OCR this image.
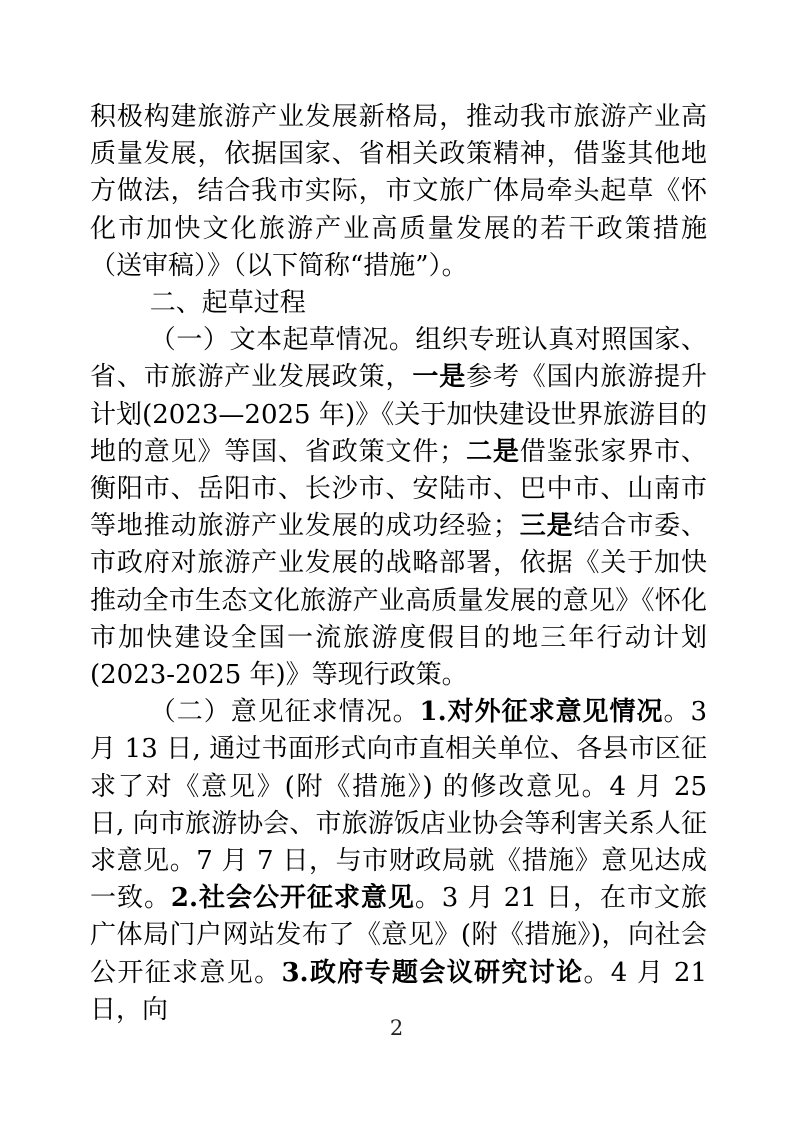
积极构建旅游产业发展新格局，推动我市旅游产业高质量发展，依据国家、省相关政策精神，借鉴其他地方做法，结合我市实际，市文旅广体局牵头起草《怀化市加快文化旅游产业高质量发展的若干政策措施（送审稿）》（以下简称“措施”）。

二、起草过程

（一）文本起草情况。组织专班认真对照国家、省、市旅游产业发展政策，一是参考《国内旅游提升计划(2023—2025 年)》《关于加快建设世界旅游目的地的意见》等国、省政策文件；二是借鉴张家界市、衡阳市、岳阳市、长沙市、安陆市、巴中市、山南市等地推动旅游产业发展的成功经验；三是结合市委、市政府对旅游产业发展的战略部署，依据《关于加快推动全市生态文化旅游产业高质量发展的意见》《怀化市加快建设全国一流旅游度假目的地三年行动计划(2023-2025 年)》等现行政策。

（二）意见征求情况。1.对外征求意见情况。3 月 13 日, 通过书面形式向市直相关单位、各县市区征求了对《意见》(附《措施》) 的修改意见。4 月 25 日, 向市旅游协会、市旅游饭店业协会等利害关系人征求意见。7 月 7 日，与市财政局就《措施》意见达成一致。2.社会公开征求意见。3 月 21 日，在市文旅广体局门户网站发布了《意见》(附《措施》)，向社会公开征求意见。3.政府专题会议研究讨论。4 月 21 日，向

2
